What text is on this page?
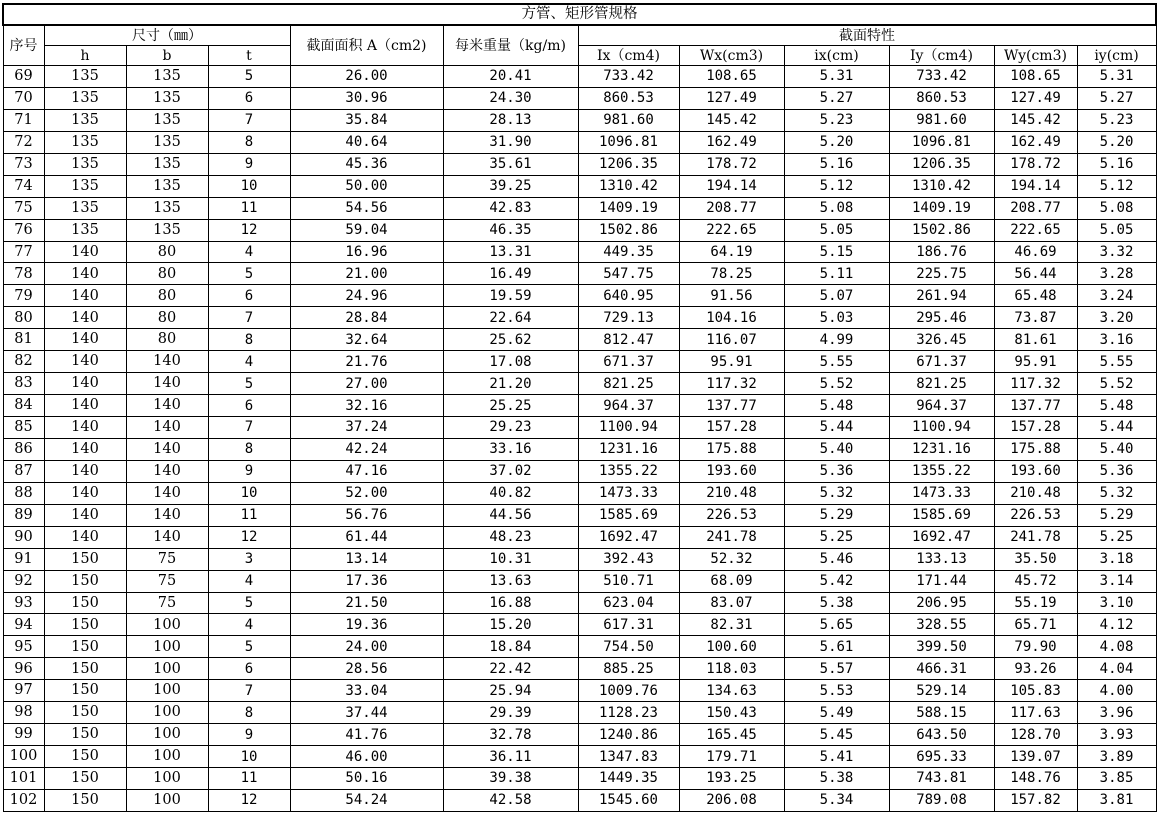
方管、矩形管规格											
序号	尺寸（㎜）			截面面积 A（cm2)	每米重量（kg/m)	截面特性					
	h	b	t			Ix（cm4)	Wx(cm3)	ix(cm)	Iy（cm4)	Wy(cm3)	iy(cm)
69	135	135	5	26.00	20.41	733.42	108.65	5.31	733.42	108.65	5.31
70	135	135	6	30.96	24.30	860.53	127.49	5.27	860.53	127.49	5.27
71	135	135	7	35.84	28.13	981.60	145.42	5.23	981.60	145.42	5.23
72	135	135	8	40.64	31.90	1096.81	162.49	5.20	1096.81	162.49	5.20
73	135	135	9	45.36	35.61	1206.35	178.72	5.16	1206.35	178.72	5.16
74	135	135	10	50.00	39.25	1310.42	194.14	5.12	1310.42	194.14	5.12
75	135	135	11	54.56	42.83	1409.19	208.77	5.08	1409.19	208.77	5.08
76	135	135	12	59.04	46.35	1502.86	222.65	5.05	1502.86	222.65	5.05
77	140	80	4	16.96	13.31	449.35	64.19	5.15	186.76	46.69	3.32
78	140	80	5	21.00	16.49	547.75	78.25	5.11	225.75	56.44	3.28
79	140	80	6	24.96	19.59	640.95	91.56	5.07	261.94	65.48	3.24
80	140	80	7	28.84	22.64	729.13	104.16	5.03	295.46	73.87	3.20
81	140	80	8	32.64	25.62	812.47	116.07	4.99	326.45	81.61	3.16
82	140	140	4	21.76	17.08	671.37	95.91	5.55	671.37	95.91	5.55
83	140	140	5	27.00	21.20	821.25	117.32	5.52	821.25	117.32	5.52
84	140	140	6	32.16	25.25	964.37	137.77	5.48	964.37	137.77	5.48
85	140	140	7	37.24	29.23	1100.94	157.28	5.44	1100.94	157.28	5.44
86	140	140	8	42.24	33.16	1231.16	175.88	5.40	1231.16	175.88	5.40
87	140	140	9	47.16	37.02	1355.22	193.60	5.36	1355.22	193.60	5.36
88	140	140	10	52.00	40.82	1473.33	210.48	5.32	1473.33	210.48	5.32
89	140	140	11	56.76	44.56	1585.69	226.53	5.29	1585.69	226.53	5.29
90	140	140	12	61.44	48.23	1692.47	241.78	5.25	1692.47	241.78	5.25
91	150	75	3	13.14	10.31	392.43	52.32	5.46	133.13	35.50	3.18
92	150	75	4	17.36	13.63	510.71	68.09	5.42	171.44	45.72	3.14
93	150	75	5	21.50	16.88	623.04	83.07	5.38	206.95	55.19	3.10
94	150	100	4	19.36	15.20	617.31	82.31	5.65	328.55	65.71	4.12
95	150	100	5	24.00	18.84	754.50	100.60	5.61	399.50	79.90	4.08
96	150	100	6	28.56	22.42	885.25	118.03	5.57	466.31	93.26	4.04
97	150	100	7	33.04	25.94	1009.76	134.63	5.53	529.14	105.83	4.00
98	150	100	8	37.44	29.39	1128.23	150.43	5.49	588.15	117.63	3.96
99	150	100	9	41.76	32.78	1240.86	165.45	5.45	643.50	128.70	3.93
100	150	100	10	46.00	36.11	1347.83	179.71	5.41	695.33	139.07	3.89
101	150	100	11	50.16	39.38	1449.35	193.25	5.38	743.81	148.76	3.85
102	150	100	12	54.24	42.58	1545.60	206.08	5.34	789.08	157.82	3.81
